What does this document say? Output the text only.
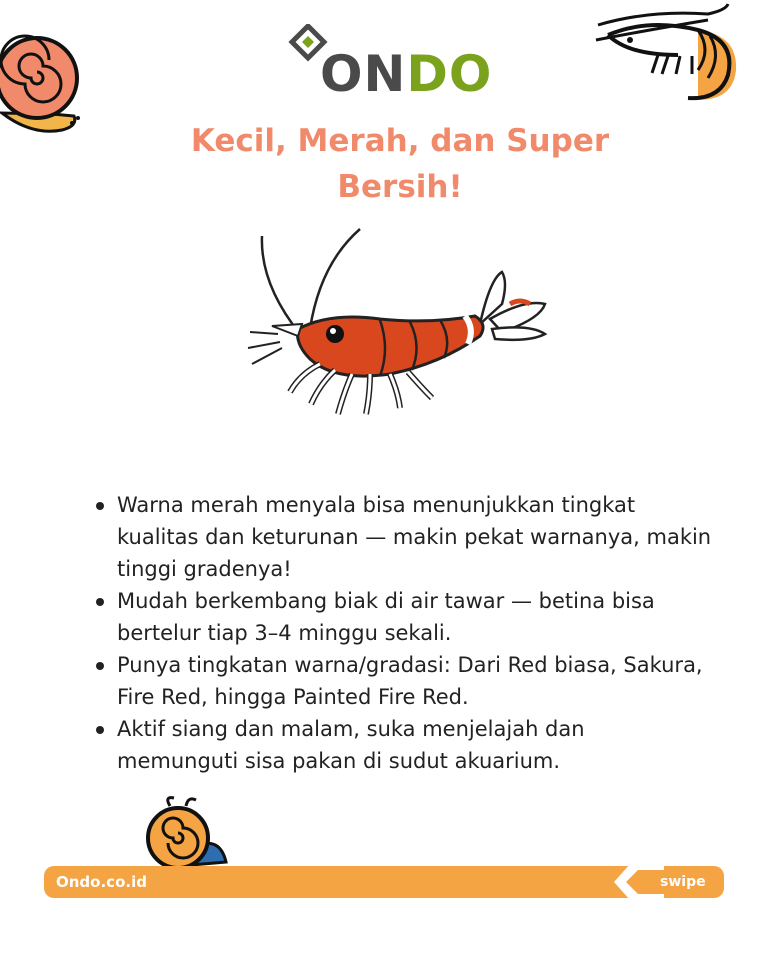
ONDO
Kecil, Merah, dan Super
Bersih!
Warna merah menyala bisa menunjukkan tingkat kualitas dan keturunan — makin pekat warnanya, makin tinggi gradenya!
Mudah berkembang biak di air tawar — betina bisa bertelur tiap 3–4 minggu sekali.
Punya tingkatan warna/gradasi: Dari Red biasa, Sakura, Fire Red, hingga Painted Fire Red.
Aktif siang dan malam, suka menjelajah dan memunguti sisa pakan di sudut akuarium.
Ondo.co.id	swipe
